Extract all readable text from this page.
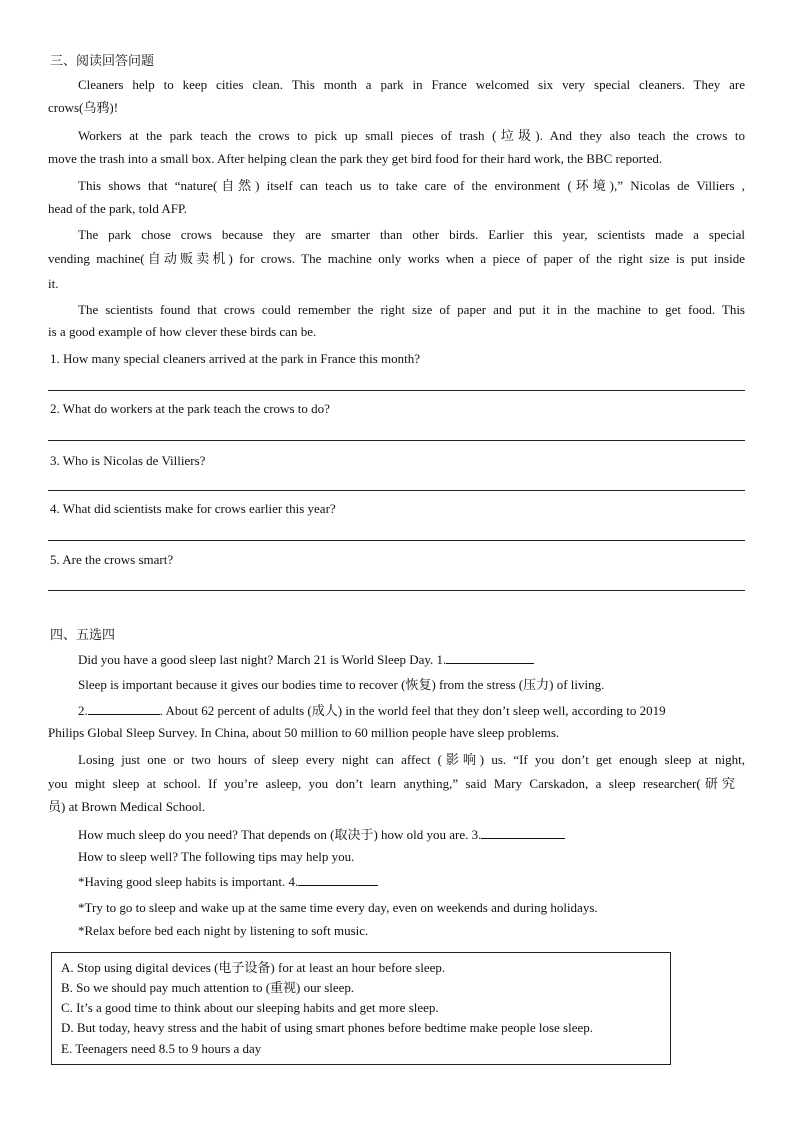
三、阅读回答问题
Cleaners help to keep cities clean. This month a park in France welcomed six very special cleaners. They are
crows(乌鸦)!
Workers at the park teach the crows to pick up small pieces of trash (垃圾). And they also teach the crows to
move the trash into a small box. After helping clean the park they get bird food for their hard work, the BBC reported.
This shows that “nature(自然) itself can teach us to take care of the environment (环境),” Nicolas de Villiers ,
head of the park, told AFP.
The park chose crows because they are smarter than other birds. Earlier this year, scientists made a special
vending machine(自动贩卖机) for crows. The machine only works when a piece of paper of the right size is put inside
it.
The scientists found that crows could remember the right size of paper and put it in the machine to get food. This
is a good example of how clever these birds can be.
1. How many special cleaners arrived at the park in France this month?
2. What do workers at the park teach the crows to do?
3. Who is Nicolas de Villiers?
4. What did scientists make for crows earlier this year?
5. Are the crows smart?
四、五选四
Did you have a good sleep last night? March 21 is World Sleep Day. 1.
Sleep is important because it gives our bodies time to recover (恢复) from the stress (压力) of living.
2.	. About 62 percent of adults (成人) in the world feel that they don’t sleep well, according to 2019
Philips Global Sleep Survey. In China, about 50 million to 60 million people have sleep problems.
Losing just one or two hours of sleep every night can affect (影响) us. “If you don’t get enough sleep at night,
you might sleep at school. If you’re asleep, you don’t learn anything,” said Mary Carskadon, a sleep researcher(研究
员) at Brown Medical School.
How much sleep do you need? That depends on (取决于) how old you are. 3.
How to sleep well? The following tips may help you.
*Having good sleep habits is important. 4.
*Try to go to sleep and wake up at the same time every day, even on weekends and during holidays.
*Relax before bed each night by listening to soft music.
A. Stop using digital devices (电子设备) for at least an hour before sleep.
B. So we should pay much attention to (重视) our sleep.
C. It’s a good time to think about our sleeping habits and get more sleep.
D. But today, heavy stress and the habit of using smart phones before bedtime make people lose sleep.
E. Teenagers need 8.5 to 9 hours a day
